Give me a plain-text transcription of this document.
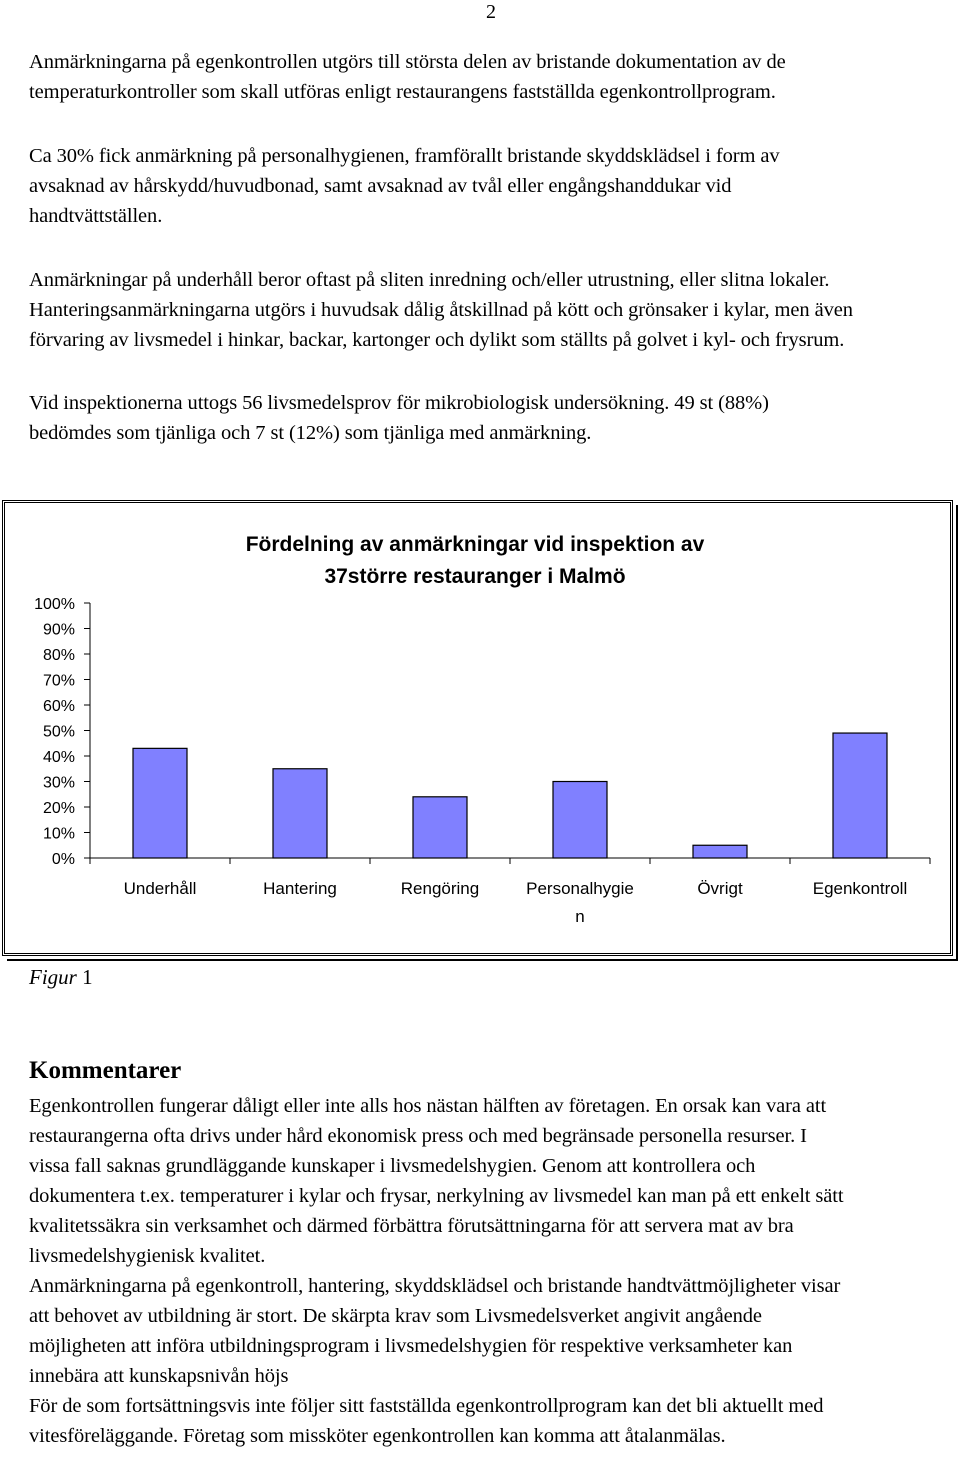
2
Anmärkningarna på egenkontrollen utgörs till största delen av bristande dokumentation av de
temperaturkontroller som skall utföras enligt restaurangens fastställda egenkontrollprogram.
Ca 30% fick anmärkning på personalhygienen, framförallt bristande skyddsklädsel i form av
avsaknad av hårskydd/huvudbonad, samt avsaknad av tvål eller engångshanddukar vid
handtvättställen.
Anmärkningar på underhåll beror oftast på sliten inredning och/eller utrustning, eller slitna lokaler.
Hanteringsanmärkningarna utgörs i huvudsak dålig åtskillnad på kött och grönsaker i kylar, men även
förvaring av livsmedel i hinkar, backar, kartonger och dylikt som ställts på golvet i kyl- och frysrum.
Vid inspektionerna uttogs 56 livsmedelsprov för mikrobiologisk undersökning. 49 st (88%)
bedömdes som tjänliga och 7 st (12%) som tjänliga med anmärkning.
Fördelning av anmärkningar vid inspektion av
37större restauranger i Malmö
0%
10%
20%
30%
40%
50%
60%
70%
80%
90%
100%
Underhåll	Hantering	Rengöring	Personalhygie
n
Övrigt	Egenkontroll
Figur 1
Kommentarer
Egenkontrollen fungerar dåligt eller inte alls hos nästan hälften av företagen. En orsak kan vara att
restaurangerna ofta drivs under hård ekonomisk press och med begränsade personella resurser. I
vissa fall saknas grundläggande kunskaper i livsmedelshygien. Genom att kontrollera och
dokumentera t.ex. temperaturer i kylar och frysar, nerkylning av livsmedel kan man på ett enkelt sätt
kvalitetssäkra sin verksamhet och därmed förbättra förutsättningarna för att servera mat av bra
livsmedelshygienisk kvalitet.
Anmärkningarna på egenkontroll, hantering, skyddsklädsel och bristande handtvättmöjligheter visar
att behovet av utbildning är stort. De skärpta krav som Livsmedelsverket angivit angående
möjligheten att införa utbildningsprogram i livsmedelshygien för respektive verksamheter kan
innebära att kunskapsnivån höjs
För de som fortsättningsvis inte följer sitt fastställda egenkontrollprogram kan det bli aktuellt med
vitesföreläggande. Företag som missköter egenkontrollen kan komma att åtalanmälas.
